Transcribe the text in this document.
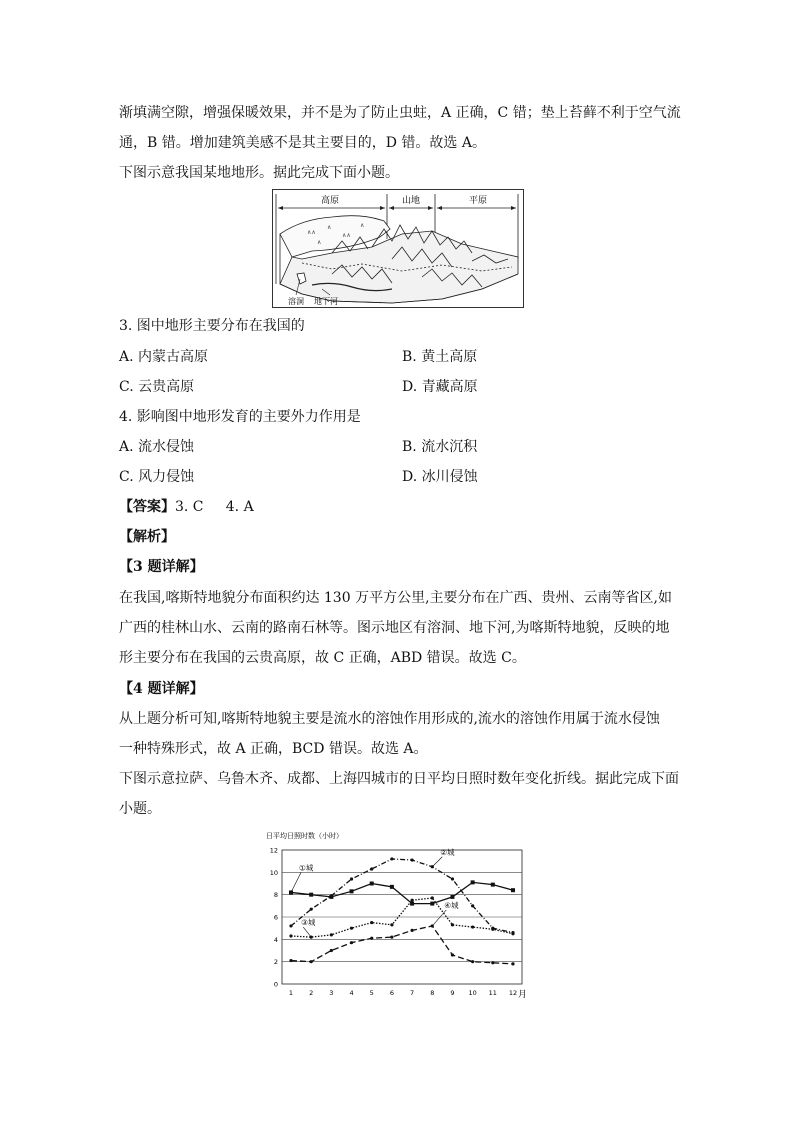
渐填满空隙，增强保暖效果，并不是为了防止虫蛀，A 正确，C 错；垫上苔藓不利于空气流
通，B 错。增加建筑美感不是其主要目的，D 错。故选 A。
下图示意我国某地地形。据此完成下面小题。
高原	山地	平原
∧∧
∧
∧∧
∧
∧
溶洞 地下河
3. 图中地形主要分布在我国的
A. 内蒙古高原	B. 黄土高原
C. 云贵高原	D. 青藏高原
4. 影响图中地形发育的主要外力作用是
A. 流水侵蚀	B. 流水沉积
C. 风力侵蚀	D. 冰川侵蚀
【答案】3. C     4. A
【解析】
【3 题详解】
在我国,喀斯特地貌分布面积约达 130 万平方公里,主要分布在广西、贵州、云南等省区,如
广西的桂林山水、云南的路南石林等。图示地区有溶洞、地下河,为喀斯特地貌，反映的地
形主要分布在我国的云贵高原，故 C 正确，ABD 错误。故选 C。
【4 题详解】
从上题分析可知,喀斯特地貌主要是流水的溶蚀作用形成的,流水的溶蚀作用属于流水侵蚀
一种特殊形式，故 A 正确，BCD 错误。故选 A。
下图示意拉萨、乌鲁木齐、成都、上海四城市的日平均日照时数年变化折线。据此完成下面
小题。
日平均日照时数（小时）
0
2
4
6
8
10
12
1 2 3 4 5 6 7 8 9 10 11 12
①城
②城
③城
④城
月
